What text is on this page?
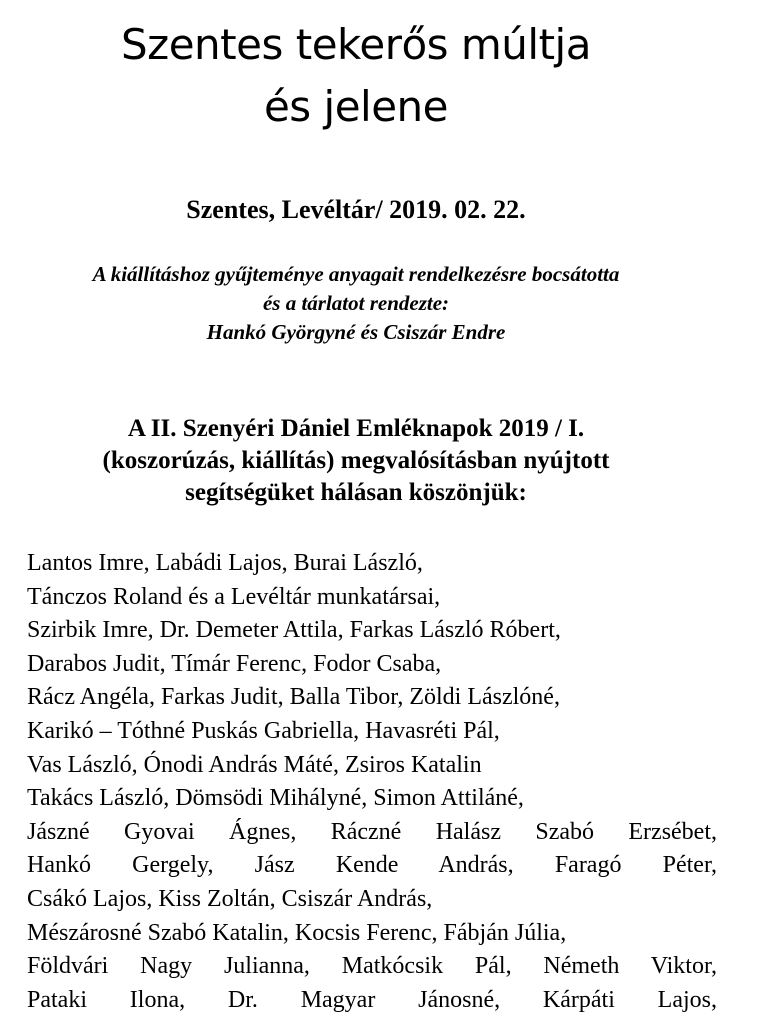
Szentes tekerős múltja
és jelene
Szentes, Levéltár/ 2019. 02. 22.
A kiállításhoz gyűjteménye anyagait rendelkezésre bocsátotta
és a tárlatot rendezte:
Hankó Györgyné és Csiszár Endre
A II. Szenyéri Dániel Emléknapok 2019 / I.
(koszorúzás, kiállítás) megvalósításban nyújtott
segítségüket hálásan köszönjük:
Lantos Imre, Labádi Lajos, Burai László,
Tánczos Roland és a Levéltár munkatársai,
Szirbik Imre, Dr. Demeter Attila, Farkas László Róbert,
Darabos Judit, Tímár Ferenc, Fodor Csaba,
Rácz Angéla, Farkas Judit, Balla Tibor, Zöldi Lászlóné,
Karikó – Tóthné Puskás Gabriella, Havasréti Pál,
Vas László, Ónodi András Máté, Zsiros Katalin
Takács László, Dömsödi Mihályné, Simon Attiláné,
Jászné Gyovai Ágnes, Ráczné Halász Szabó Erzsébet,
Hankó Gergely, Jász Kende András, Faragó Péter,
Csákó Lajos, Kiss Zoltán, Csiszár András,
Mészárosné Szabó Katalin, Kocsis Ferenc, Fábján Júlia,
Földvári Nagy Julianna, Matkócsik Pál, Németh Viktor,
Pataki Ilona, Dr. Magyar Jánosné, Kárpáti Lajos,
